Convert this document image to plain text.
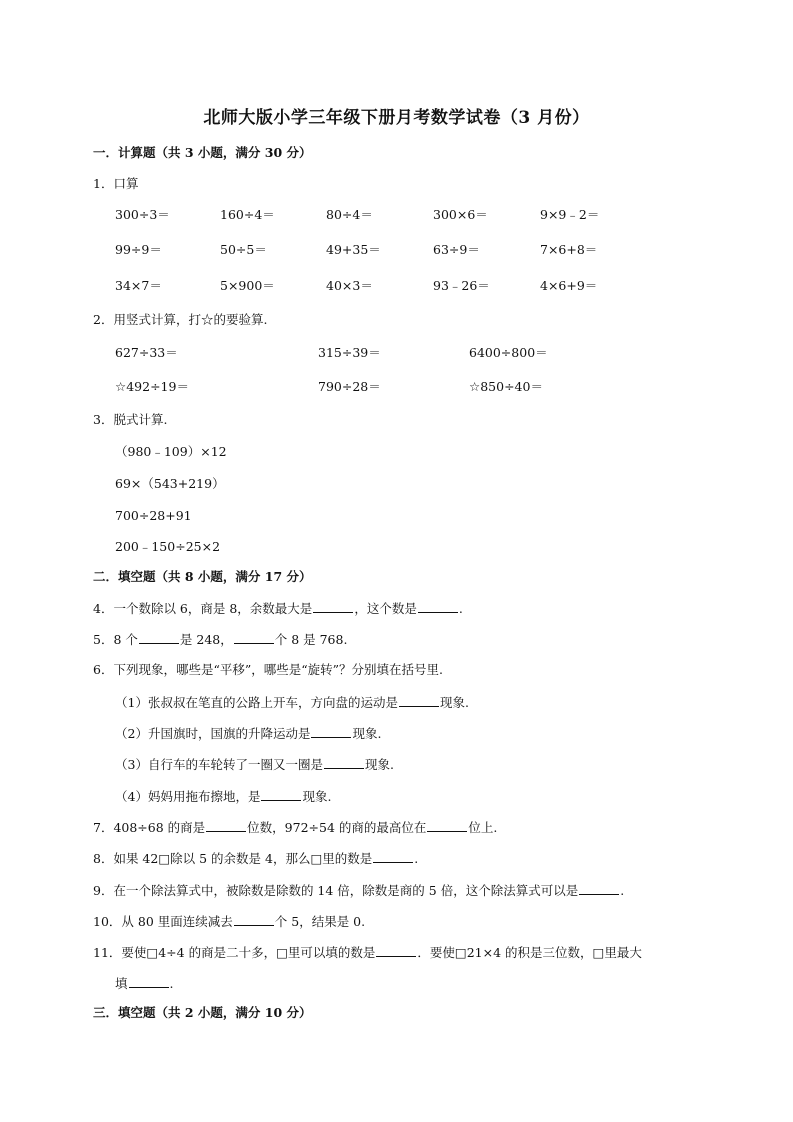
北师大版小学三年级下册月考数学试卷（3 月份）
一．计算题（共 3 小题，满分 30 分）
1．口算
300÷3＝	160÷4＝	80÷4＝	300×6＝	9×9﹣2＝
99÷9＝	50÷5＝	49+35＝	63÷9＝	7×6+8＝
34×7＝	5×900＝	40×3＝	93﹣26＝	4×6+9＝
2．用竖式计算，打☆的要验算.
627÷33＝	315÷39＝	6400÷800＝
☆492÷19＝	790÷28＝	☆850÷40＝
3．脱式计算.
（980﹣109）×12
69×（543+219）
700÷28+91
200﹣150÷25×2
二．填空题（共 8 小题，满分 17 分）
4．一个数除以 6，商是 8，余数最大是	，这个数是	.
5．8 个	是 248，	个 8 是 768.
6．下列现象，哪些是“平移”，哪些是“旋转”？分别填在括号里.
（1）张叔叔在笔直的公路上开车，方向盘的运动是	现象.
（2）升国旗时，国旗的升降运动是	现象.
（3）自行车的车轮转了一圈又一圈是	现象.
（4）妈妈用拖布擦地，是	现象.
7．408÷68 的商是	位数，972÷54 的商的最高位在	位上.
8．如果 42□除以 5 的余数是 4，那么□里的数是	.
9．在一个除法算式中，被除数是除数的 14 倍，除数是商的 5 倍，这个除法算式可以是	.
10．从 80 里面连续减去	个 5，结果是 0.
11．要使□4÷4 的商是二十多，□里可以填的数是	．要使□21×4 的积是三位数，□里最大
填	.
三．填空题（共 2 小题，满分 10 分）
